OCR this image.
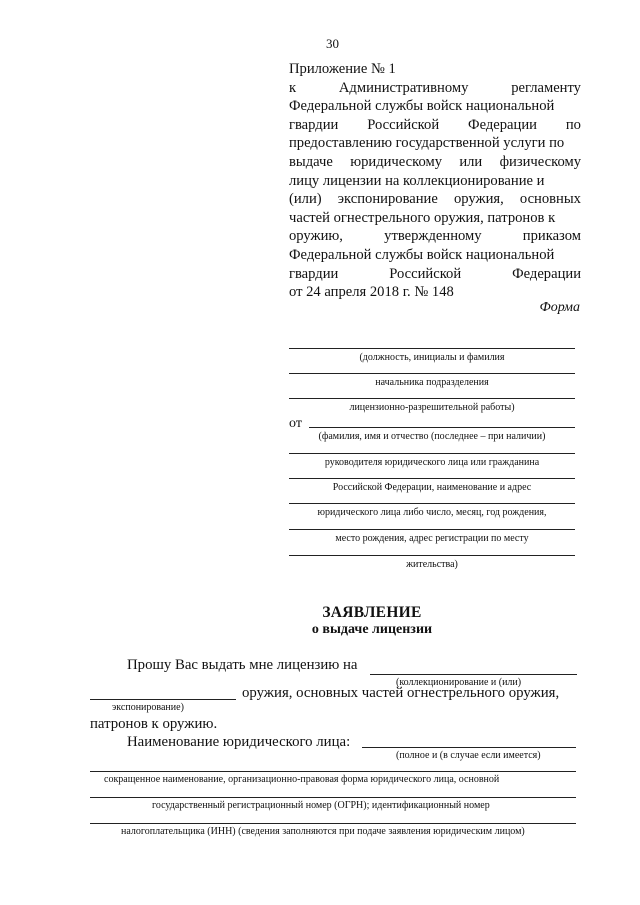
30
Приложение № 1
к	Административному	регламенту
Федеральной службы войск национальной
гвардии Российской Федерации по
предоставлению государственной услуги по
выдаче юридическому или физическому
лицу лицензии на коллекционирование и
(или) экспонирование оружия, основных
частей огнестрельного оружия, патронов к
оружию,	утвержденному	приказом
Федеральной службы войск национальной
гвардии	Российской	Федерации
от 24 апреля 2018 г. № 148
Форма
(должность, инициалы и фамилия
начальника подразделения
лицензионно-разрешительной работы)
от
(фамилия, имя и отчество (последнее – при наличии)
руководителя юридического лица или гражданина
Российской Федерации, наименование и адрес
юридического лица либо число, месяц, год рождения,
место рождения, адрес регистрации по месту
жительства)
ЗАЯВЛЕНИЕ
о выдаче лицензии
Прошу Вас выдать мне лицензию на
(коллекционирование и (или)
оружия, основных частей огнестрельного оружия,
экспонирование)
патронов к оружию.
Наименование юридического лица:
(полное и (в случае если имеется)
сокращенное наименование, организационно-правовая форма юридического лица, основной
государственный регистрационный номер (ОГРН); идентификационный номер
налогоплательщика (ИНН) (сведения заполняются при подаче заявления юридическим лицом)
